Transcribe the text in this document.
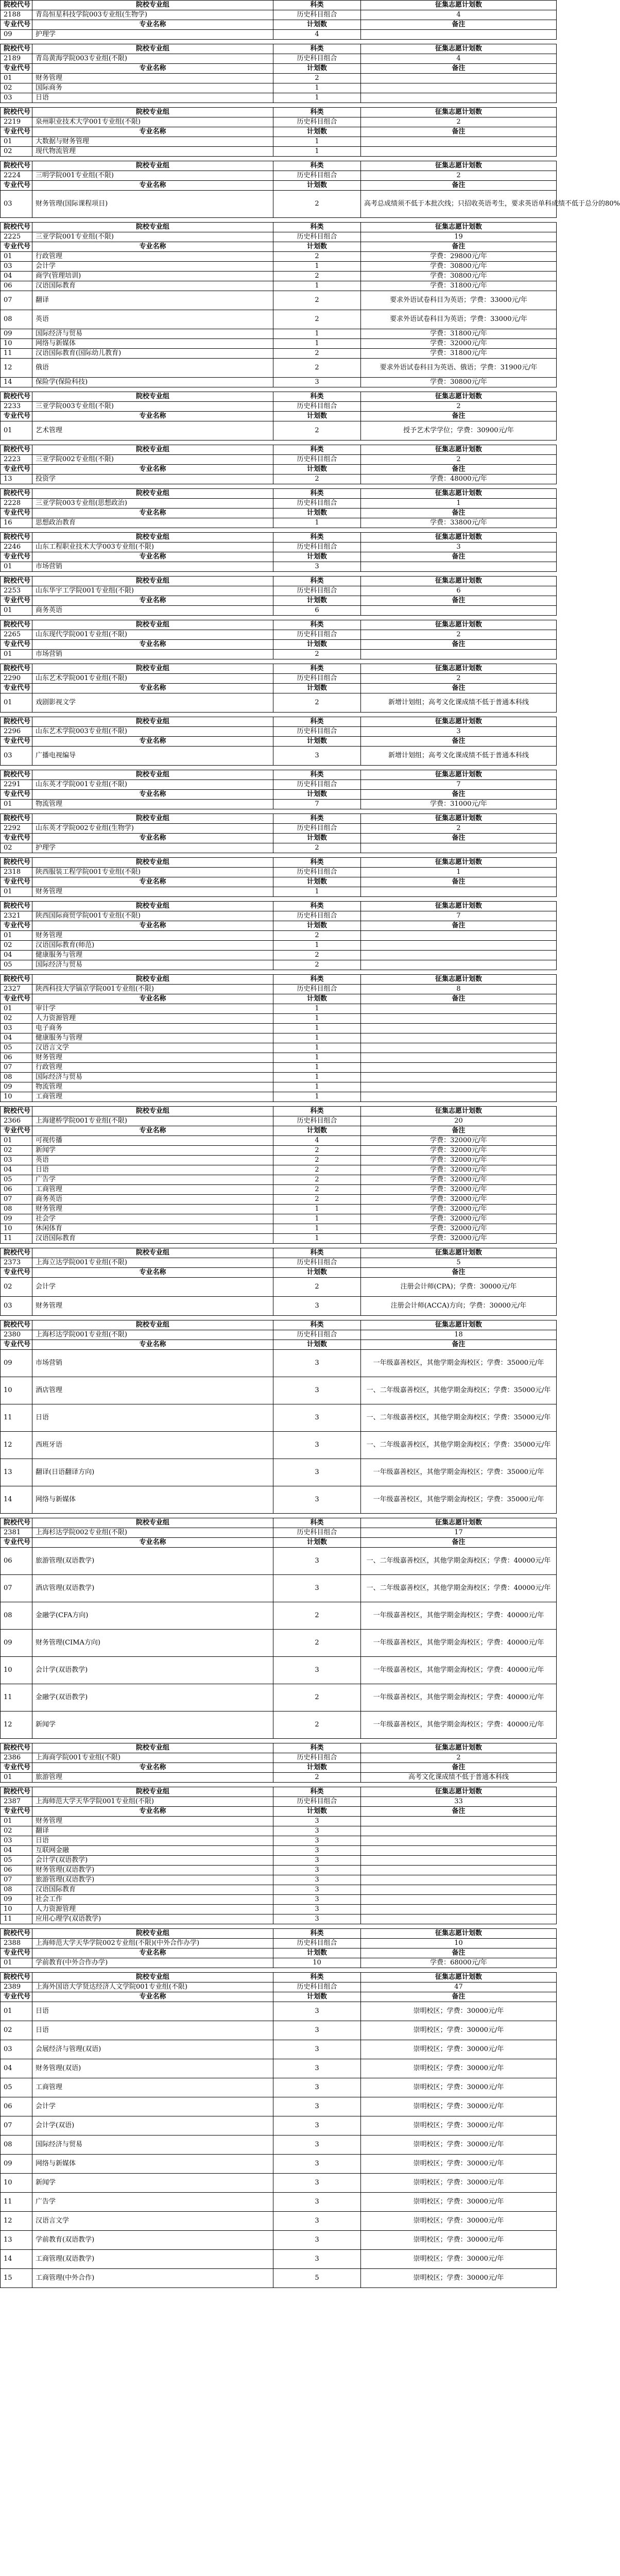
院校代号	院校专业组	科类	征集志愿计划数
2188	青岛恒星科技学院003专业组(生物学)	历史科目组合	4
专业代号	专业名称	计划数	备注
09	护理学	4	

院校代号	院校专业组	科类	征集志愿计划数
2189	青岛黄海学院003专业组(不限)	历史科目组合	4
专业代号	专业名称	计划数	备注
01	财务管理	2	
02	国际商务	1	
03	日语	1	

院校代号	院校专业组	科类	征集志愿计划数
2219	泉州职业技术大学001专业组(不限)	历史科目组合	2
专业代号	专业名称	计划数	备注
01	大数据与财务管理	1	
02	现代物流管理	1	

院校代号	院校专业组	科类	征集志愿计划数
2224	三明学院001专业组(不限)	历史科目组合	2
专业代号	专业名称	计划数	备注
03	财务管理(国际课程项目)	2	高考总成绩须不低于本批次线；只招收英语考生，要求英语单科成绩不低于总分的80%

院校代号	院校专业组	科类	征集志愿计划数
2225	三亚学院001专业组(不限)	历史科目组合	19
专业代号	专业名称	计划数	备注
01	行政管理	2	学费：29800元/年
03	会计学	1	学费：30800元/年
04	商学(管理培训)	2	学费：30800元/年
06	汉语国际教育	1	学费：31800元/年
07	翻译	2	要求外语试卷科目为英语；学费：33000元/年
08	英语	2	要求外语试卷科目为英语；学费：33000元/年
09	国际经济与贸易	1	学费：31800元/年
10	网络与新媒体	1	学费：32000元/年
11	汉语国际教育(国际幼儿教育)	2	学费：31800元/年
12	俄语	2	要求外语试卷科目为英语、俄语；学费：31900元/年
14	保险学(保险科技)	3	学费：30800元/年

院校代号	院校专业组	科类	征集志愿计划数
2233	三亚学院003专业组(不限)	历史科目组合	2
专业代号	专业名称	计划数	备注
01	艺术管理	2	授予艺术学学位；学费：30900元/年

院校代号	院校专业组	科类	征集志愿计划数
2223	三亚学院002专业组(不限)	历史科目组合	2
专业代号	专业名称	计划数	备注
13	投资学	2	学费：48000元/年

院校代号	院校专业组	科类	征集志愿计划数
2228	三亚学院003专业组(思想政治)	历史科目组合	1
专业代号	专业名称	计划数	备注
16	思想政治教育	1	学费：33800元/年

院校代号	院校专业组	科类	征集志愿计划数
2246	山东工程职业技术大学003专业组(不限)	历史科目组合	3
专业代号	专业名称	计划数	备注
01	市场营销	3	

院校代号	院校专业组	科类	征集志愿计划数
2253	山东华宇工学院001专业组(不限)	历史科目组合	6
专业代号	专业名称	计划数	备注
01	商务英语	6	

院校代号	院校专业组	科类	征集志愿计划数
2265	山东现代学院001专业组(不限)	历史科目组合	2
专业代号	专业名称	计划数	备注
01	市场营销	2	

院校代号	院校专业组	科类	征集志愿计划数
2290	山东艺术学院001专业组(不限)	历史科目组合	2
专业代号	专业名称	计划数	备注
01	戏剧影视文学	2	新增计划组；高考文化课成绩不低于普通本科线

院校代号	院校专业组	科类	征集志愿计划数
2296	山东艺术学院003专业组(不限)	历史科目组合	3
专业代号	专业名称	计划数	备注
03	广播电视编导	3	新增计划组；高考文化课成绩不低于普通本科线

院校代号	院校专业组	科类	征集志愿计划数
2291	山东英才学院001专业组(不限)	历史科目组合	7
专业代号	专业名称	计划数	备注
01	物流管理	7	学费：31000元/年

院校代号	院校专业组	科类	征集志愿计划数
2292	山东英才学院002专业组(生物学)	历史科目组合	2
专业代号	专业名称	计划数	备注
02	护理学	2	

院校代号	院校专业组	科类	征集志愿计划数
2318	陕西服装工程学院001专业组(不限)	历史科目组合	1
专业代号	专业名称	计划数	备注
01	财务管理	1	

院校代号	院校专业组	科类	征集志愿计划数
2321	陕西国际商贸学院001专业组(不限)	历史科目组合	7
专业代号	专业名称	计划数	备注
01	财务管理	2	
02	汉语国际教育(师范)	1	
04	健康服务与管理	2	
05	国际经济与贸易	2	

院校代号	院校专业组	科类	征集志愿计划数
2327	陕西科技大学镐京学院001专业组(不限)	历史科目组合	8
专业代号	专业名称	计划数	备注
01	审计学	1	
02	人力资源管理	1	
03	电子商务	1	
04	健康服务与管理	1	
05	汉语言文学	1	
06	财务管理	1	
07	行政管理	1	
08	国际经济与贸易	1	
09	物流管理	1	
10	工商管理	1	

院校代号	院校专业组	科类	征集志愿计划数
2366	上海建桥学院001专业组(不限)	历史科目组合	20
专业代号	专业名称	计划数	备注
01	可视传播	4	学费：32000元/年
02	新闻学	2	学费：32000元/年
03	英语	2	学费：32000元/年
04	日语	2	学费：32000元/年
05	广告学	2	学费：32000元/年
06	工商管理	2	学费：32000元/年
07	商务英语	2	学费：32000元/年
08	财务管理	1	学费：32000元/年
09	社会学	1	学费：32000元/年
10	休闲体育	1	学费：32000元/年
11	汉语国际教育	1	学费：32000元/年

院校代号	院校专业组	科类	征集志愿计划数
2373	上海立达学院001专业组(不限)	历史科目组合	5
专业代号	专业名称	计划数	备注
02	会计学	2	注册会计师(CPA)；学费：30000元/年
03	财务管理	3	注册会计师(ACCA)方向；学费：30000元/年

院校代号	院校专业组	科类	征集志愿计划数
2380	上海杉达学院001专业组(不限)	历史科目组合	18
专业代号	专业名称	计划数	备注
09	市场营销	3	一年级嘉善校区，其他学期金海校区；学费：35000元/年
10	酒店管理	3	一、二年级嘉善校区，其他学期金海校区；学费：35000元/年
11	日语	3	一、二年级嘉善校区，其他学期金海校区；学费：35000元/年
12	西班牙语	3	一、二年级嘉善校区，其他学期金海校区；学费：35000元/年
13	翻译(日语翻译方向)	3	一年级嘉善校区，其他学期金海校区；学费：35000元/年
14	网络与新媒体	3	一年级嘉善校区，其他学期金海校区；学费：35000元/年

院校代号	院校专业组	科类	征集志愿计划数
2381	上海杉达学院002专业组(不限)	历史科目组合	17
专业代号	专业名称	计划数	备注
06	旅游管理(双语教学)	3	一、二年级嘉善校区，其他学期金海校区；学费：40000元/年
07	酒店管理(双语教学)	3	一、二年级嘉善校区，其他学期金海校区；学费：40000元/年
08	金融学(CFA方向)	2	一年级嘉善校区，其他学期金海校区；学费：40000元/年
09	财务管理(CIMA方向)	2	一年级嘉善校区，其他学期金海校区；学费：40000元/年
10	会计学(双语教学)	3	一年级嘉善校区，其他学期金海校区；学费：40000元/年
11	金融学(双语教学)	2	一年级嘉善校区，其他学期金海校区；学费：40000元/年
12	新闻学	2	一年级嘉善校区，其他学期金海校区；学费：40000元/年

院校代号	院校专业组	科类	征集志愿计划数
2386	上海商学院001专业组(不限)	历史科目组合	2
专业代号	专业名称	计划数	备注
01	旅游管理	2	高考文化课成绩不低于普通本科线

院校代号	院校专业组	科类	征集志愿计划数
2387	上海师范大学天华学院001专业组(不限)	历史科目组合	33
专业代号	专业名称	计划数	备注
01	财务管理	3	
02	翻译	3	
03	日语	3	
04	互联网金融	3	
05	会计学(双语教学)	3	
06	财务管理(双语教学)	3	
07	旅游管理(双语教学)	3	
08	汉语国际教育	3	
09	社会工作	3	
10	人力资源管理	3	
11	应用心理学(双语教学)	3	

院校代号	院校专业组	科类	征集志愿计划数
2388	上海师范大学天华学院002专业组(不限)(中外合作办学)	历史科目组合	10
专业代号	专业名称	计划数	备注
01	学前教育(中外合作办学)	10	学费：68000元/年

院校代号	院校专业组	科类	征集志愿计划数
2389	上海外国语大学贤达经济人文学院001专业组(不限)	历史科目组合	47
专业代号	专业名称	计划数	备注
01	日语	3	崇明校区；学费：30000元/年
02	日语	3	崇明校区；学费：30000元/年
03	会展经济与管理(双语)	3	崇明校区；学费：30000元/年
04	财务管理(双语)	3	崇明校区；学费：30000元/年
05	工商管理	3	崇明校区；学费：30000元/年
06	会计学	3	崇明校区；学费：30000元/年
07	会计学(双语)	3	崇明校区；学费：30000元/年
08	国际经济与贸易	3	崇明校区；学费：30000元/年
09	网络与新媒体	3	崇明校区；学费：30000元/年
10	新闻学	3	崇明校区；学费：30000元/年
11	广告学	3	崇明校区；学费：30000元/年
12	汉语言文学	3	崇明校区；学费：30000元/年
13	学前教育(双语教学)	3	崇明校区；学费：30000元/年
14	工商管理(双语教学)	3	崇明校区；学费：30000元/年
15	工商管理(中外合作)	5	崇明校区；学费：30000元/年
